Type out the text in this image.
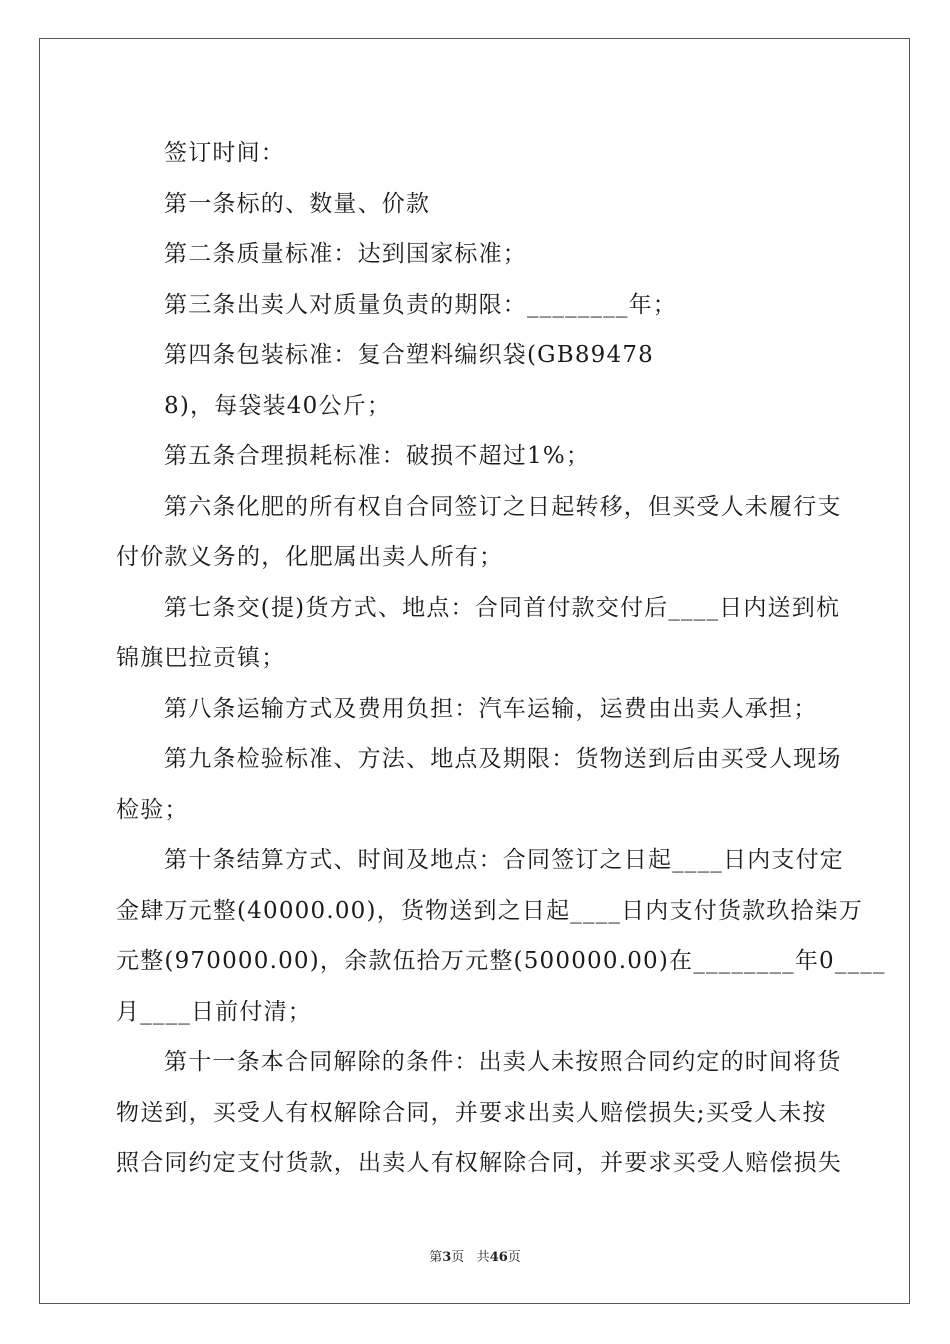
签订时间：
第一条标的、数量、价款
第二条质量标准：达到国家标准；
第三条出卖人对质量负责的期限：________年；
第四条包装标准：复合塑料编织袋(GB89478
8)，每袋装40公斤；
第五条合理损耗标准：破损不超过1%；
第六条化肥的所有权自合同签订之日起转移，但买受人未履行支
付价款义务的，化肥属出卖人所有；
第七条交(提)货方式、地点：合同首付款交付后____日内送到杭
锦旗巴拉贡镇；
第八条运输方式及费用负担：汽车运输，运费由出卖人承担；
第九条检验标准、方法、地点及期限：货物送到后由买受人现场
检验；
第十条结算方式、时间及地点：合同签订之日起____日内支付定
金肆万元整(40000.00)，货物送到之日起____日内支付货款玖拾柒万
元整(970000.00)，余款伍拾万元整(500000.00)在________年0____
月____日前付清；
第十一条本合同解除的条件：出卖人未按照合同约定的时间将货
物送到，买受人有权解除合同，并要求出卖人赔偿损失;买受人未按
照合同约定支付货款，出卖人有权解除合同，并要求买受人赔偿损失
第3页 共46页
